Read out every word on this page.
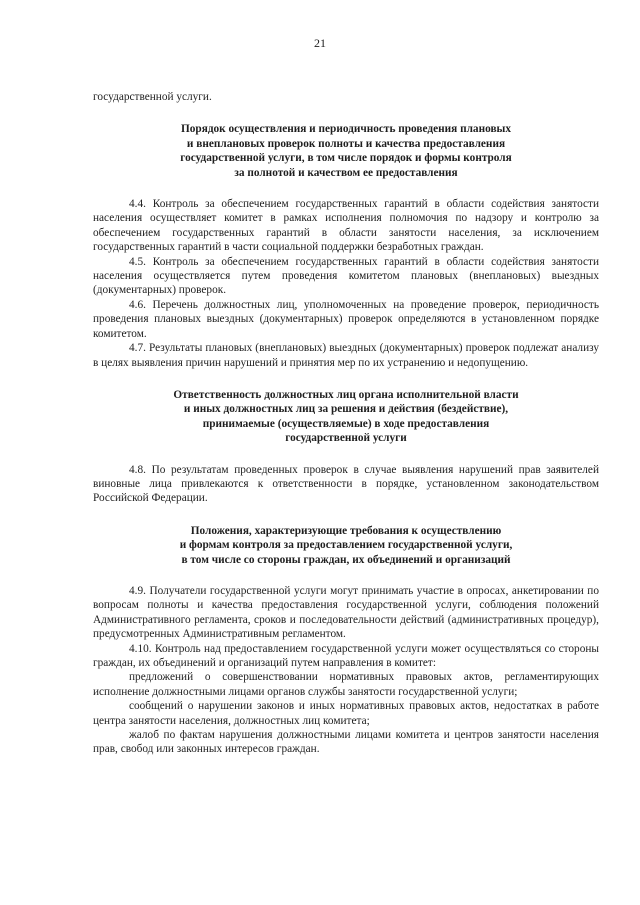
21

государственной услуги.

Порядок осуществления и периодичность проведения плановых
и внеплановых проверок полноты и качества предоставления
государственной услуги, в том числе порядок и формы контроля
за полнотой и качеством ее предоставления

4.4. Контроль за обеспечением государственных гарантий в области содействия занятости населения осуществляет комитет в рамках исполнения полномочия по надзору и контролю за обеспечением государственных гарантий в области занятости населения, за исключением государственных гарантий в части социальной поддержки безработных граждан.

4.5. Контроль за обеспечением государственных гарантий в области содействия занятости населения осуществляется путем проведения комитетом плановых (внеплановых) выездных (документарных) проверок.

4.6. Перечень должностных лиц, уполномоченных на проведение проверок, периодичность проведения плановых выездных (документарных) проверок определяются в установленном порядке комитетом.

4.7. Результаты плановых (внеплановых) выездных (документарных) проверок подлежат анализу в целях выявления причин нарушений и принятия мер по их устранению и недопущению.

Ответственность должностных лиц органа исполнительной власти
и иных должностных лиц за решения и действия (бездействие),
принимаемые (осуществляемые) в ходе предоставления
государственной услуги

4.8. По результатам проведенных проверок в случае выявления нарушений прав заявителей виновные лица привлекаются к ответственности в порядке, установленном законодательством Российской Федерации.

Положения, характеризующие требования к осуществлению
и формам контроля за предоставлением государственной услуги,
в том числе со стороны граждан, их объединений и организаций

4.9. Получатели государственной услуги могут принимать участие в опросах, анкетировании по вопросам полноты и качества предоставления государственной услуги, соблюдения положений Административного регламента, сроков и последовательности действий (административных процедур), предусмотренных Административным регламентом.

4.10. Контроль над предоставлением государственной услуги может осуществляться со стороны граждан, их объединений и организаций путем направления в комитет:

предложений о совершенствовании нормативных правовых актов, регламентирующих исполнение должностными лицами органов службы занятости государственной услуги;

сообщений о нарушении законов и иных нормативных правовых актов, недостатках в работе центра занятости населения, должностных лиц комитета;

жалоб по фактам нарушения должностными лицами комитета и центров занятости населения прав, свобод или законных интересов граждан.
